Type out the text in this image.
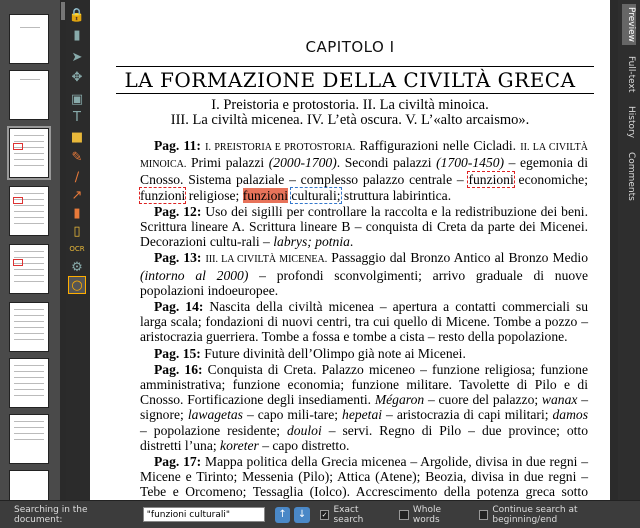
🔒
▮
➤
✥
▣
T
■
✎
∕
↗
▮
▯
OCR
⚙
○
CAPITOLO I
LA FORMAZIONE DELLA CIVILTÀ GRECA
I. Preistoria e protostoria. II. La civiltà minoica.
III. La civiltà micenea. IV. L’età oscura. V. L’«alto arcaismo».

Pag. 11: I. PREISTORIA E PROTOSTORIA. Raffigurazioni nelle Cicladi. II. LA CIVILTÀ MINOICA. Primi palazzi (2000-1700). Secondi palazzi (1700-1450) – egemonia di Cnosso. Sistema palaziale – complesso palazzo centrale – funzioni economiche; funzioni religiose; funzioni culturali; struttura labirintica.

Pag. 12: Uso dei sigilli per controllare la raccolta e la redistribuzione dei beni. Scrittura lineare A. Scrittura lineare B – conquista di Creta da parte dei Micenei. Decorazioni cultu-rali – labrys; potnia.

Pag. 13: III. LA CIVILTÀ MICENEA. Passaggio dal Bronzo Antico al Bronzo Medio (intorno al 2000) – profondi sconvolgimenti; arrivo graduale di nuove popolazioni indoeuropee.

Pag. 14: Nascita della civiltà micenea – apertura a contatti commerciali su larga scala; fondazioni di nuovi centri, tra cui quello di Micene. Tombe a pozzo – aristocrazia guerriera. Tombe a fossa e tombe a cista – resto della popolazione.

Pag. 15: Future divinità dell’Olimpo già note ai Micenei.

Pag. 16: Conquista di Creta. Palazzo miceneo – funzione religiosa; funzione amministrativa; funzione economia; funzione militare. Tavolette di Pilo e di Cnosso. Fortificazione degli insediamenti. Mégaron – cuore del palazzo; wanax – signore; lawagetas – capo mili-tare; hepetai – aristocrazia di capi militari; damos – popolazione residente; douloi – servi. Regno di Pilo – due province; otto distretti l’una; koreter – capo distretto.

Pag. 17: Mappa politica della Grecia micenea – Argolide, divisa in due regni – Micene e Tirinto; Messenia (Pilo); Attica (Atene); Beozia, divisa in due regni – Tebe e Orcomeno; Tessaglia (Iolco). Accrescimento della potenza greca sotto

Preview
Full-text
History
Comments
Searching in the document:
"funzioni culturali"	↑	↓	✓ Exact search
Whole words
Continue search at beginning/end
